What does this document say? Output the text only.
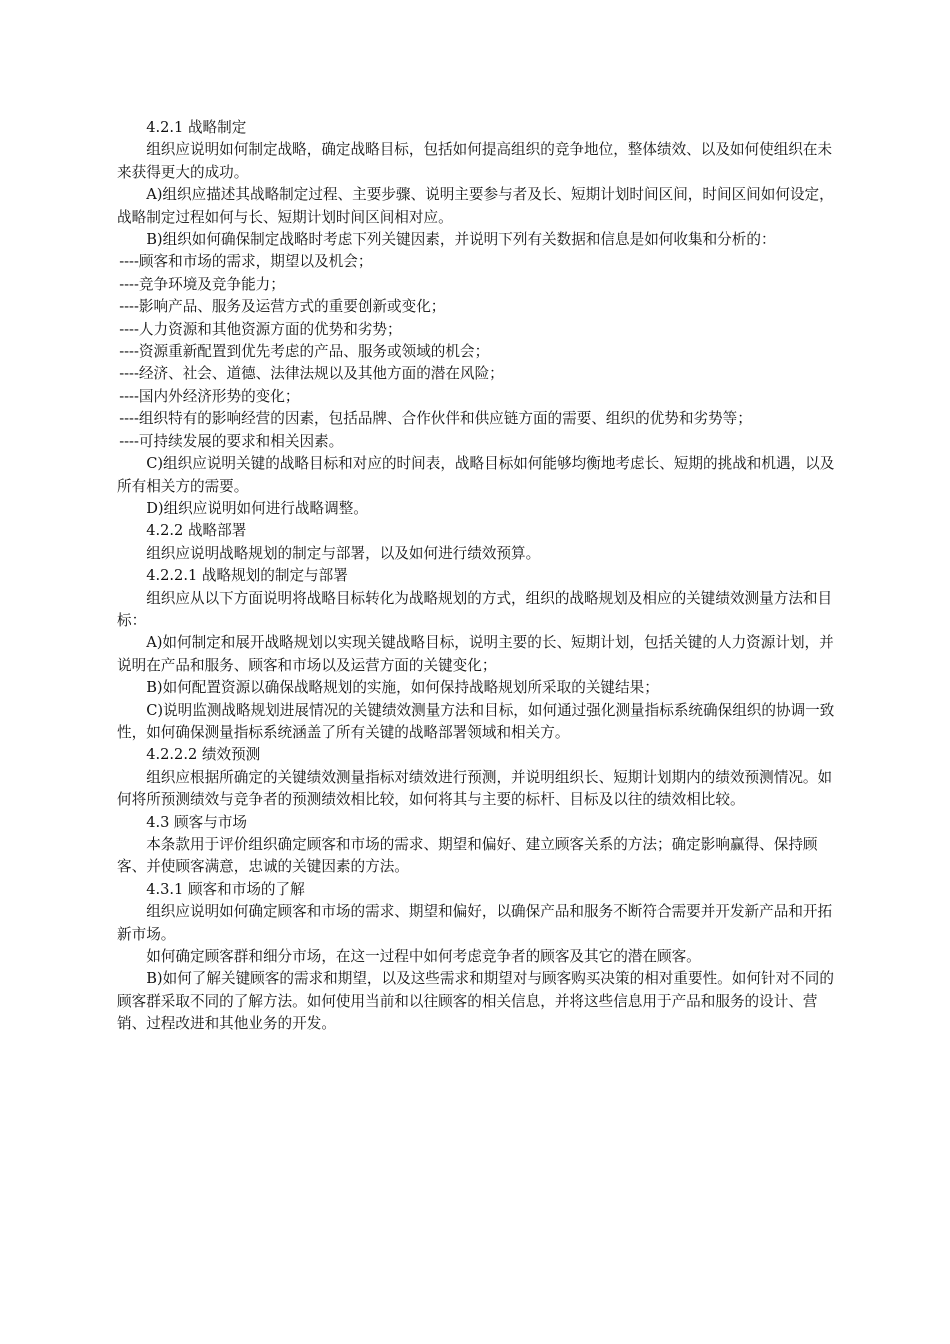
4.2.1 战略制定

组织应说明如何制定战略，确定战略目标，包括如何提高组织的竞争地位，整体绩效、以及如何使组织在未来获得更大的成功。

A)组织应描述其战略制定过程、主要步骤、说明主要参与者及长、短期计划时间区间，时间区间如何设定，战略制定过程如何与长、短期计划时间区间相对应。

B)组织如何确保制定战略时考虑下列关键因素，并说明下列有关数据和信息是如何收集和分析的：

----顾客和市场的需求，期望以及机会；

----竞争环境及竞争能力；

----影响产品、服务及运营方式的重要创新或变化；

----人力资源和其他资源方面的优势和劣势；

----资源重新配置到优先考虑的产品、服务或领域的机会；

----经济、社会、道德、法律法规以及其他方面的潜在风险；

----国内外经济形势的变化；

----组织特有的影响经营的因素，包括品牌、合作伙伴和供应链方面的需要、组织的优势和劣势等；

----可持续发展的要求和相关因素。

C)组织应说明关键的战略目标和对应的时间表，战略目标如何能够均衡地考虑长、短期的挑战和机遇，以及所有相关方的需要。

D)组织应说明如何进行战略调整。

4.2.2 战略部署

组织应说明战略规划的制定与部署，以及如何进行绩效预算。

4.2.2.1 战略规划的制定与部署

组织应从以下方面说明将战略目标转化为战略规划的方式，组织的战略规划及相应的关键绩效测量方法和目标：

A)如何制定和展开战略规划以实现关键战略目标，说明主要的长、短期计划，包括关键的人力资源计划，并说明在产品和服务、顾客和市场以及运营方面的关键变化；

B)如何配置资源以确保战略规划的实施，如何保持战略规划所采取的关键结果；

C)说明监测战略规划进展情况的关键绩效测量方法和目标，如何通过强化测量指标系统确保组织的协调一致性，如何确保测量指标系统涵盖了所有关键的战略部署领域和相关方。

4.2.2.2 绩效预测

组织应根据所确定的关键绩效测量指标对绩效进行预测，并说明组织长、短期计划期内的绩效预测情况。如何将所预测绩效与竞争者的预测绩效相比较，如何将其与主要的标杆、目标及以往的绩效相比较。

4.3 顾客与市场

本条款用于评价组织确定顾客和市场的需求、期望和偏好、建立顾客关系的方法；确定影响赢得、保持顾客、并使顾客满意，忠诚的关键因素的方法。

4.3.1 顾客和市场的了解

组织应说明如何确定顾客和市场的需求、期望和偏好，以确保产品和服务不断符合需要并开发新产品和开拓新市场。

如何确定顾客群和细分市场，在这一过程中如何考虑竞争者的顾客及其它的潜在顾客。

B)如何了解关键顾客的需求和期望，以及这些需求和期望对与顾客购买决策的相对重要性。如何针对不同的顾客群采取不同的了解方法。如何使用当前和以往顾客的相关信息，并将这些信息用于产品和服务的设计、营销、过程改进和其他业务的开发。
